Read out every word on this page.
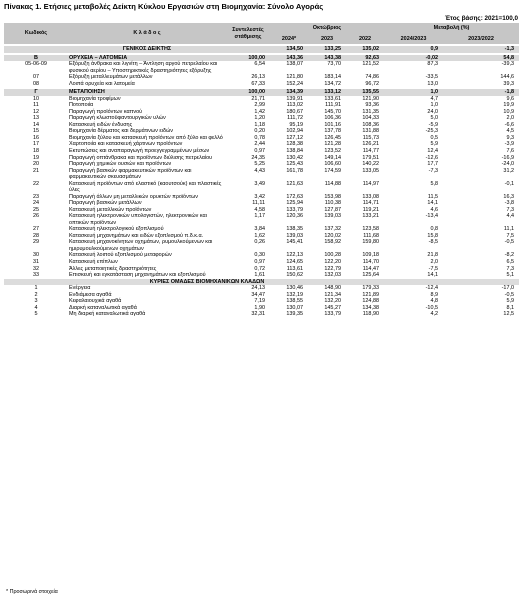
Πίνακας 1. Ετήσιες μεταβολές Δείκτη Κύκλου Εργασιών στη Βιομηχανία: Σύνολο Αγοράς
Έτος βάσης: 2021=100,0
Κωδικός	Κ λ ά δ ο ς	Συντελεστές στάθμισης	Οκτώβριος			Μεταβολή (%)	
			2024*	2023	2022	2024/2023	2023/2022

	ΓΕΝΙΚΟΣ ΔΕΙΚΤΗΣ		134,50	133,25	135,02	0,9	-1,3

B	ΟΡΥΧΕΙΑ – ΛΑΤΟΜΕΙΑ	100,00	143,36	143,38	92,63	-0,02	54,8
05-06-09	Εξόρυξη άνθρακα και λιγνίτη – Άντληση αργού πετρελαίου και φυσικού αερίου – Υποστηρικτικές δραστηριότητες εξόρυξης	6,54	138,07	73,70	121,52	87,3	-39,3
07	Εξόρυξη μεταλλευμάτων μετάλλων	26,13	121,80	183,14	74,86	-33,5	144,6
08	Λοιπά ορυχεία και λατομεία	67,33	152,24	134,72	96,72	13,0	39,3

Γ	ΜΕΤΑΠΟΙΗΣΗ	100,00	134,39	133,12	135,55	1,0	-1,8
10	Βιομηχανία τροφίμων	21,71	139,91	133,61	121,90	4,7	9,6
11	Ποτοποιία	2,99	113,02	111,91	93,36	1,0	19,9
12	Παραγωγή προϊόντων καπνού	1,42	180,67	145,70	131,35	24,0	10,9
13	Παραγωγή κλωστοϋφαντουργικών υλών	1,20	111,72	106,36	104,33	5,0	2,0
14	Κατασκευή ειδών ένδυσης	1,18	95,19	101,16	108,36	-5,9	-6,6
15	Βιομηχανία δέρματος και δερμάτινων ειδών	0,20	102,94	137,78	131,88	-25,3	4,5
16	Βιομηχανία ξύλου και κατασκευή προϊόντων από ξύλο και φελλό	0,78	127,12	126,45	115,73	0,5	9,3
17	Χαρτοποιία και κατασκευή χάρτινων προϊόντων	2,44	128,38	121,28	126,21	5,9	-3,9
18	Εκτυπώσεις και αναπαραγωγή προεγγεγραμμένων μέσων	0,97	138,84	123,52	114,77	12,4	7,6
19	Παραγωγή οπτάνθρακα και προϊόντων διύλισης πετρελαίου	24,35	130,42	149,14	179,51	-12,6	-16,9
20	Παραγωγή χημικών ουσιών και προϊόντων	5,25	125,43	106,60	140,22	17,7	-24,0
21	Παραγωγή βασικών φαρμακευτικών προϊόντων και φαρμακευτικών σκευασμάτων	4,43	161,78	174,59	133,05	-7,3	31,2
22	Κατασκευή προϊόντων από ελαστικό (καουτσούκ) και πλαστικές ύλες	3,49	121,63	114,88	114,97	5,8	-0,1
23	Παραγωγή άλλων μη μεταλλικών ορυκτών προϊόντων	3,42	172,63	153,98	133,08	11,5	16,3
24	Παραγωγή βασικών μετάλλων	11,11	125,94	110,38	114,71	14,1	-3,8
25	Κατασκευή μεταλλικών προϊόντων	4,58	133,79	127,87	119,21	4,6	7,3
26	Κατασκευή ηλεκτρονικών υπολογιστών, ηλεκτρονικών και οπτικών προϊόντων	1,17	120,36	139,03	133,21	-13,4	4,4
27	Κατασκευή ηλεκτρολογικού εξοπλισμού	3,84	138,35	137,32	123,58	0,8	11,1
28	Κατασκευή μηχανημάτων και ειδών εξοπλισμού π.δ.κ.α.	1,62	139,03	120,02	111,68	15,8	7,5
29	Κατασκευή μηχανοκίνητων οχημάτων, ρυμουλκούμενων και ημιρυμουλκούμενων οχημάτων	0,26	145,41	158,92	159,80	-8,5	-0,5
30	Κατασκευή λοιπού εξοπλισμού μεταφορών	0,30	122,13	100,28	109,18	21,8	-8,2
31	Κατασκευή επίπλων	0,97	124,65	122,20	114,70	2,0	6,5
32	Άλλες μεταποιητικές δραστηριότητες	0,72	113,61	122,79	114,47	-7,5	7,3
33	Επισκευή και εγκατάσταση μηχανημάτων και εξοπλισμού	1,61	150,62	132,03	125,64	14,1	5,1
	ΚΥΡΙΕΣ ΟΜΑΔΕΣ ΒΙΟΜΗΧΑΝΙΚΩΝ ΚΛΑΔΩΝ						
1	Ενέργεια	24,13	130,46	148,90	179,33	-12,4	-17,0
2	Ενδιάμεσα αγαθά	34,47	132,19	121,34	121,89	8,9	-0,5
3	Κεφαλαιουχικά αγαθά	7,19	138,55	132,20	124,88	4,8	5,9
4	Διαρκή καταναλωτικά αγαθά	1,90	130,07	145,27	134,38	-10,5	8,1
5	Μη διαρκή καταναλωτικά αγαθά	32,31	139,35	133,79	118,90	4,2	12,5
* Προσωρινά στοιχεία
